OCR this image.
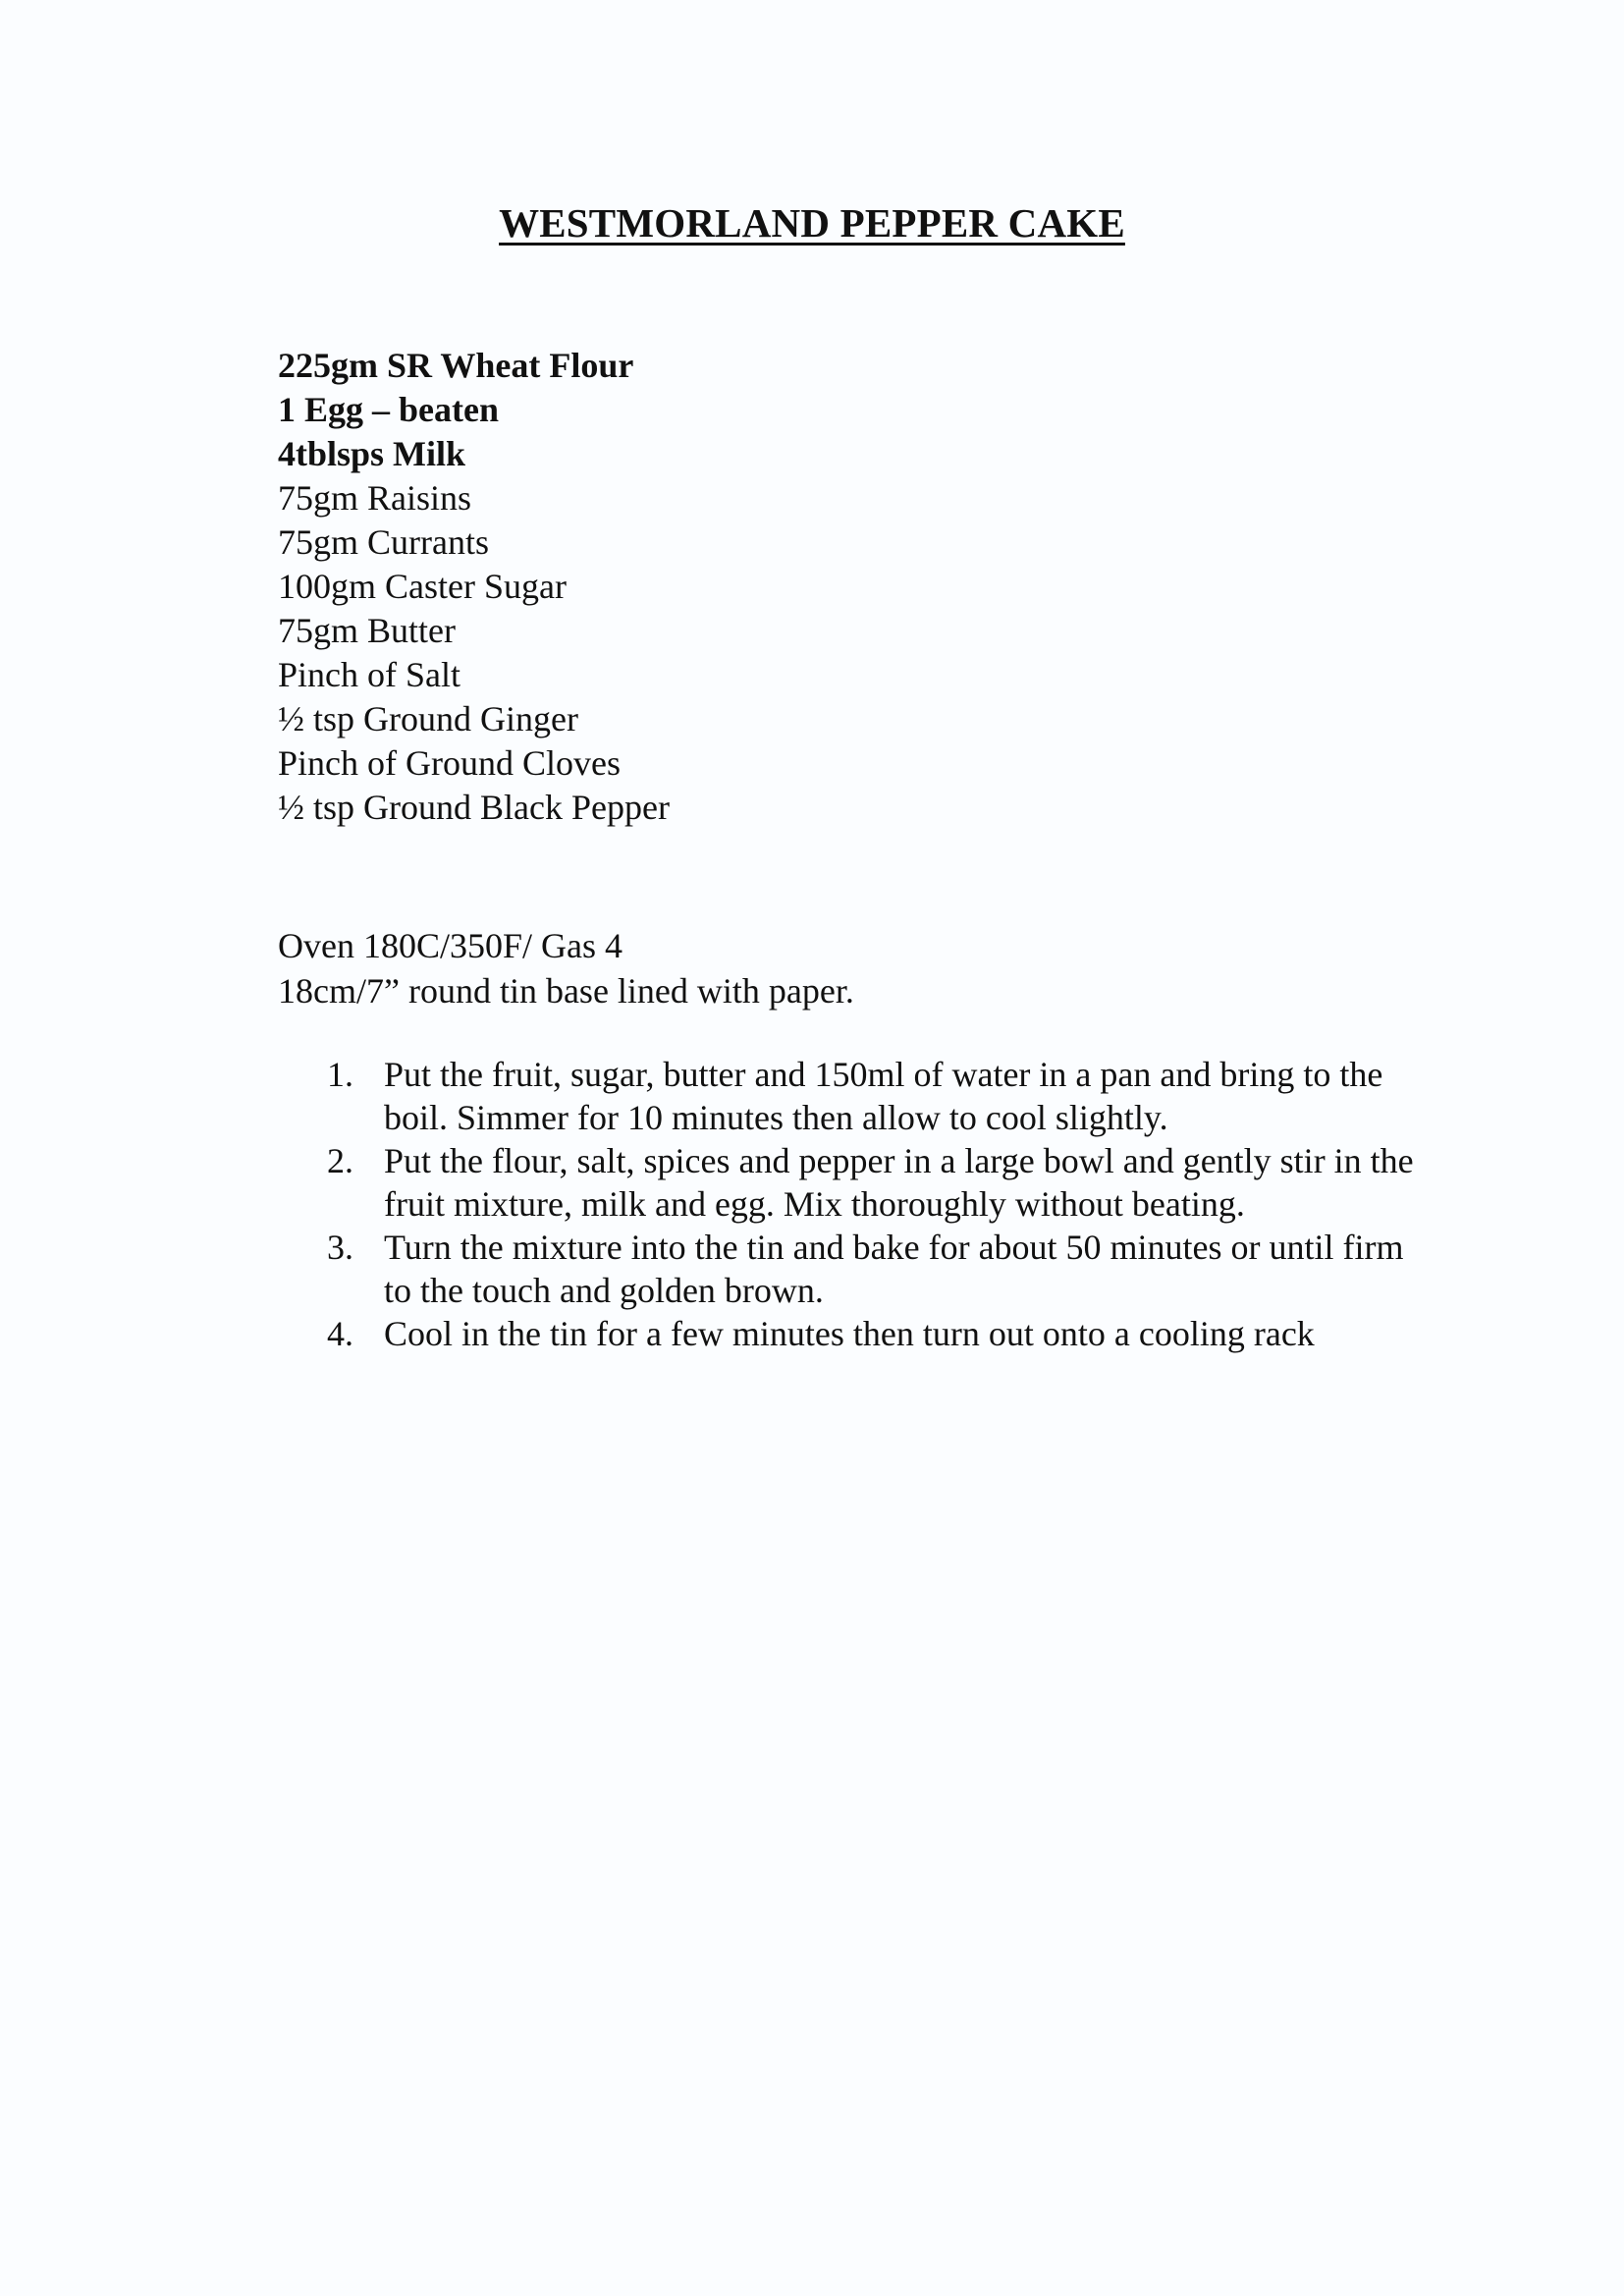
WESTMORLAND PEPPER CAKE
225gm SR Wheat Flour
1 Egg – beaten
4tblsps Milk
75gm Raisins
75gm Currants
100gm Caster Sugar
75gm Butter
Pinch of Salt
½ tsp Ground Ginger
Pinch of Ground Cloves
½ tsp Ground Black Pepper
Oven 180C/350F/ Gas 4
18cm/7” round tin base lined with paper.
1. Put the fruit, sugar, butter and 150ml of water in a pan and bring to the boil. Simmer for 10 minutes then allow to cool slightly.
2. Put the flour, salt, spices and pepper in a large bowl and gently stir in the fruit mixture, milk and egg. Mix thoroughly without beating.
3. Turn the mixture into the tin and bake for about 50 minutes or until firm to the touch and golden brown.
4. Cool in the tin for a few minutes then turn out onto a cooling rack
